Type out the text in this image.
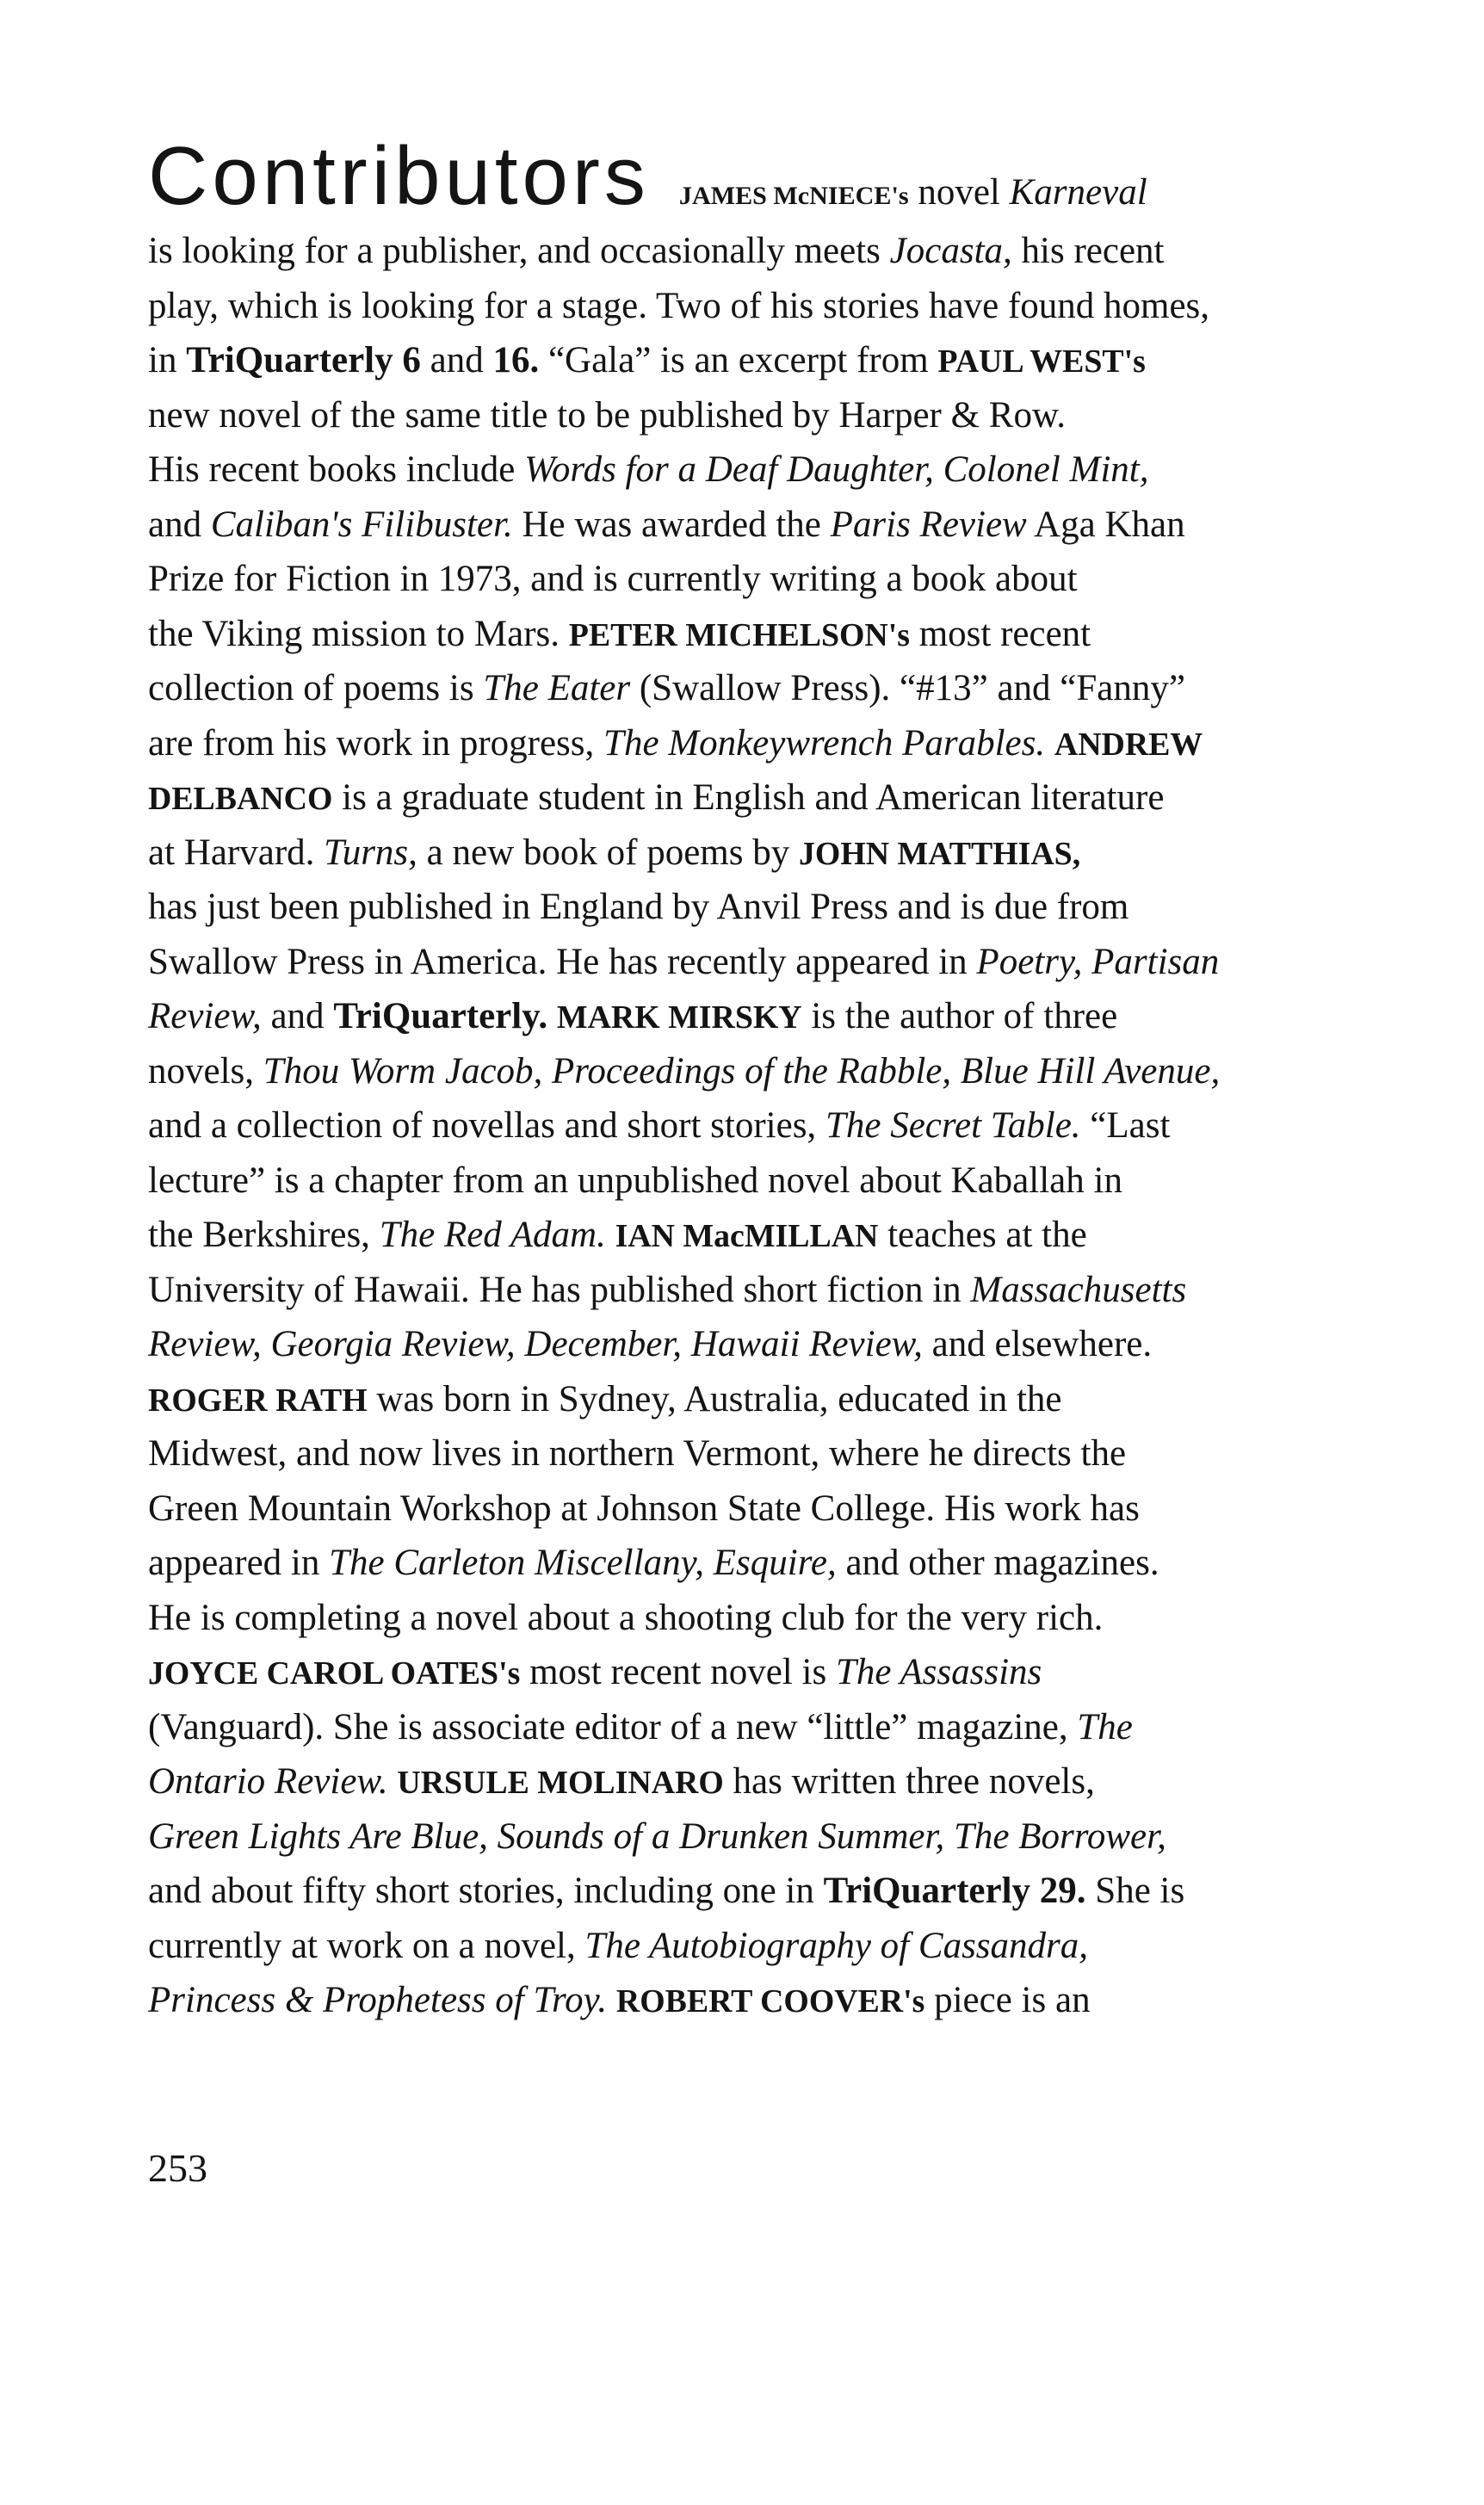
Contributors JAMES McNIECE's novel Karneval
is looking for a publisher, and occasionally meets Jocasta, his recent
play, which is looking for a stage. Two of his stories have found homes,
in TriQuarterly 6 and 16. “Gala” is an excerpt from PAUL WEST's
new novel of the same title to be published by Harper & Row.
His recent books include Words for a Deaf Daughter, Colonel Mint,
and Caliban's Filibuster. He was awarded the Paris Review Aga Khan
Prize for Fiction in 1973, and is currently writing a book about
the Viking mission to Mars. PETER MICHELSON's most recent
collection of poems is The Eater (Swallow Press). “#13” and “Fanny”
are from his work in progress, The Monkeywrench Parables. ANDREW
DELBANCO is a graduate student in English and American literature
at Harvard. Turns, a new book of poems by JOHN MATTHIAS,
has just been published in England by Anvil Press and is due from
Swallow Press in America. He has recently appeared in Poetry, Partisan
Review, and TriQuarterly. MARK MIRSKY is the author of three
novels, Thou Worm Jacob, Proceedings of the Rabble, Blue Hill Avenue,
and a collection of novellas and short stories, The Secret Table. “Last
lecture” is a chapter from an unpublished novel about Kaballah in
the Berkshires, The Red Adam. IAN MacMILLAN teaches at the
University of Hawaii. He has published short fiction in Massachusetts
Review, Georgia Review, December, Hawaii Review, and elsewhere.
ROGER RATH was born in Sydney, Australia, educated in the
Midwest, and now lives in northern Vermont, where he directs the
Green Mountain Workshop at Johnson State College. His work has
appeared in The Carleton Miscellany, Esquire, and other magazines.
He is completing a novel about a shooting club for the very rich.
JOYCE CAROL OATES's most recent novel is The Assassins
(Vanguard). She is associate editor of a new “little” magazine, The
Ontario Review. URSULE MOLINARO has written three novels,
Green Lights Are Blue, Sounds of a Drunken Summer, The Borrower,
and about fifty short stories, including one in TriQuarterly 29. She is
currently at work on a novel, The Autobiography of Cassandra,
Princess & Prophetess of Troy. ROBERT COOVER's piece is an
253
